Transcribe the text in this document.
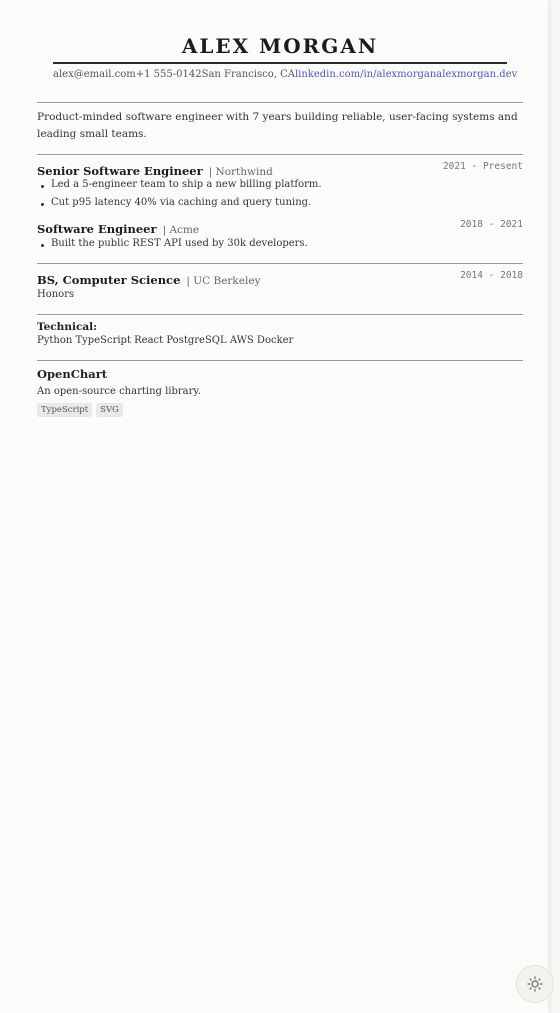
ALEX MORGAN
alex@email.com +1 555-0142 San Francisco, CA linkedin.com/in/alexmorgan alexmorgan.dev
Product-minded software engineer with 7 years building reliable, user-facing systems and leading small teams.
Senior Software Engineer | Northwind	2021 - Present
Led a 5-engineer team to ship a new billing platform.
Cut p95 latency 40% via caching and query tuning.
Software Engineer | Acme	2018 - 2021
Built the public REST API used by 30k developers.
BS, Computer Science | UC Berkeley	2014 - 2018
Honors
Technical:
Python TypeScript React PostgreSQL AWS Docker
OpenChart
An open-source charting library.
TypeScript	SVG
